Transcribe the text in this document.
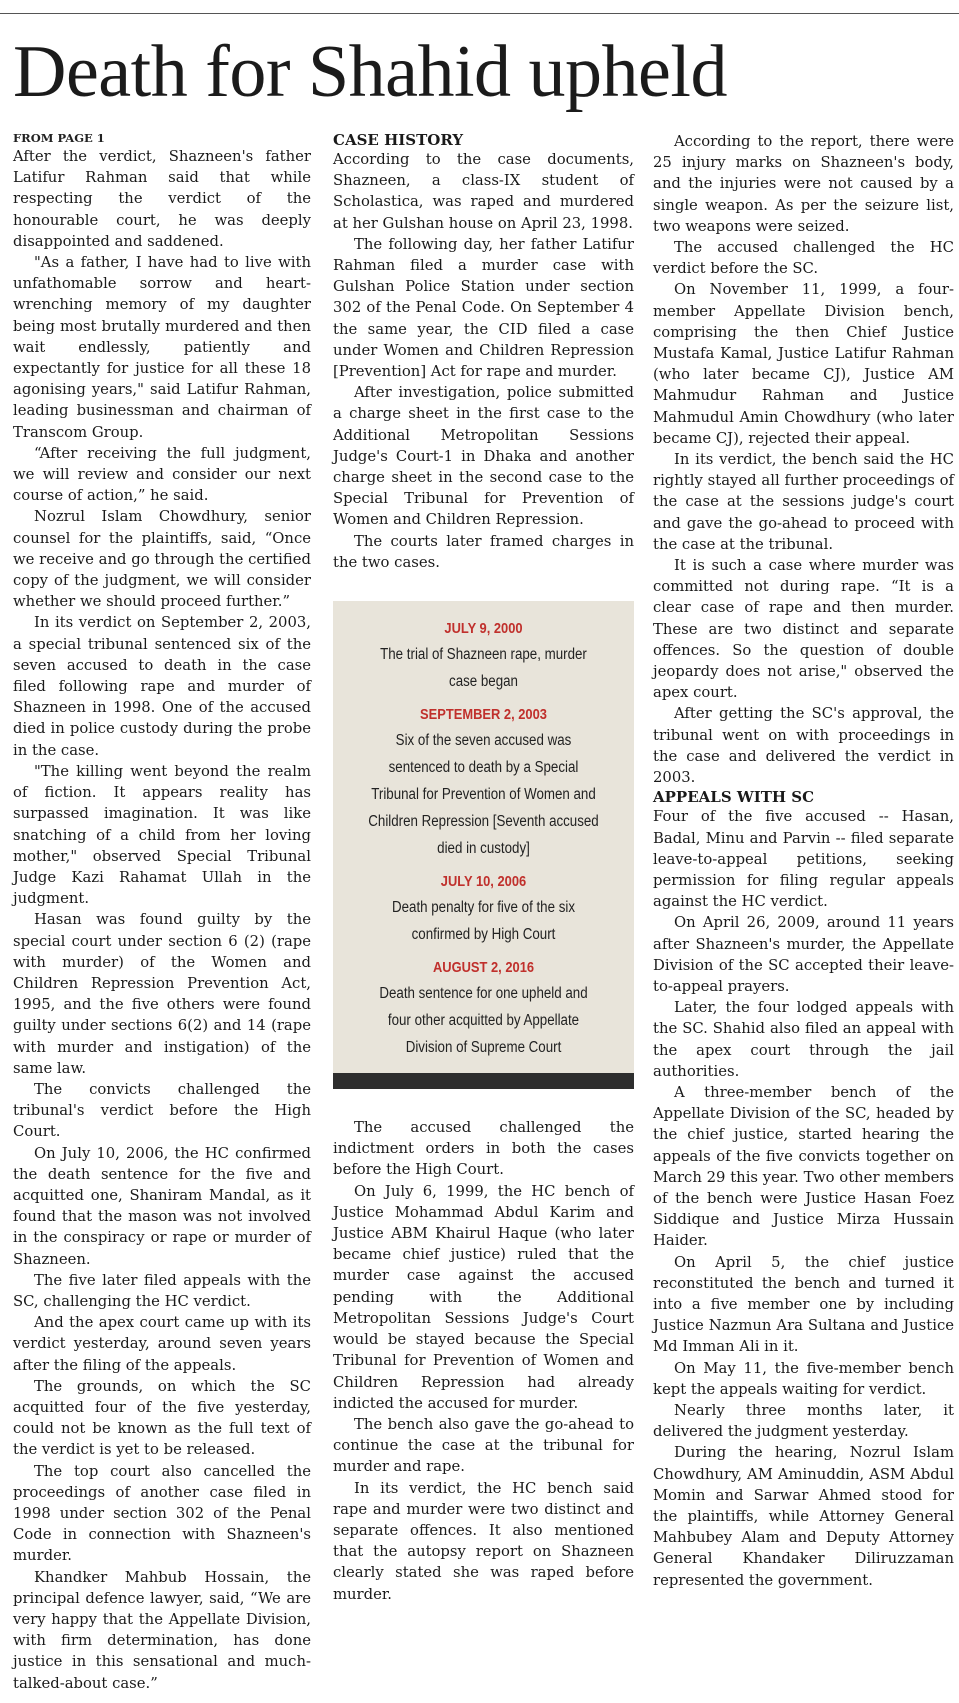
Death for Shahid upheld
FROM PAGE 1

After the verdict, Shazneen's father Latifur Rahman said that while respecting the verdict of the honourable court, he was deeply disappointed and saddened.

"As a father, I have had to live with unfathomable sorrow and heart-wrenching memory of my daughter being most brutally murdered and then wait endlessly, patiently and expectantly for justice for all these 18 agonising years," said Latifur Rahman, leading businessman and chairman of Transcom Group.

“After receiving the full judgment, we will review and consider our next course of action,” he said.

Nozrul Islam Chowdhury, senior counsel for the plaintiffs, said, “Once we receive and go through the certified copy of the judgment, we will consider whether we should proceed further.”

In its verdict on September 2, 2003, a special tribunal sentenced six of the seven accused to death in the case filed following rape and murder of Shazneen in 1998. One of the accused died in police custody during the probe in the case.

"The killing went beyond the realm of fiction. It appears reality has surpassed imagination. It was like snatching of a child from her loving mother," observed Special Tribunal Judge Kazi Rahamat Ullah in the judgment.

Hasan was found guilty by the special court under section 6 (2) (rape with murder) of the Women and Children Repression Prevention Act, 1995, and the five others were found guilty under sections 6(2) and 14 (rape with murder and instigation) of the same law.

The convicts challenged the tribunal's verdict before the High Court.

On July 10, 2006, the HC confirmed the death sentence for the five and acquitted one, Shaniram Mandal, as it found that the mason was not involved in the conspiracy or rape or murder of Shazneen.

The five later filed appeals with the SC, challenging the HC verdict.

And the apex court came up with its verdict yesterday, around seven years after the filing of the appeals.

The grounds, on which the SC acquitted four of the five yesterday, could not be known as the full text of the verdict is yet to be released.

The top court also cancelled the proceedings of another case filed in 1998 under section 302 of the Penal Code in connection with Shazneen's murder.

Khandker Mahbub Hossain, the principal defence lawyer, said, “We are very happy that the Appellate Division, with firm determination, has done justice in this sensational and much-talked-about case.”

CASE HISTORY

According to the case documents, Shazneen, a class-IX student of Scholastica, was raped and murdered at her Gulshan house on April 23, 1998.

The following day, her father Latifur Rahman filed a murder case with Gulshan Police Station under section 302 of the Penal Code. On September 4 the same year, the CID filed a case under Women and Children Repression [Prevention] Act for rape and murder.

After investigation, police submitted a charge sheet in the first case to the Additional Metropolitan Sessions Judge's Court-1 in Dhaka and another charge sheet in the second case to the Special Tribunal for Prevention of Women and Children Repression.

The courts later framed charges in the two cases.

JULY 9, 2000
The trial of Shazneen rape, murder case began
SEPTEMBER 2, 2003
Six of the seven accused was sentenced to death by a Special Tribunal for Prevention of Women and Children Repression [Seventh accused died in custody]
JULY 10, 2006
Death penalty for five of the six confirmed by High Court
AUGUST 2, 2016
Death sentence for one upheld and four other acquitted by Appellate Division of Supreme Court

The accused challenged the indictment orders in both the cases before the High Court.

On July 6, 1999, the HC bench of Justice Mohammad Abdul Karim and Justice ABM Khairul Haque (who later became chief justice) ruled that the murder case against the accused pending with the Additional Metropolitan Sessions Judge's Court would be stayed because the Special Tribunal for Prevention of Women and Children Repression had already indicted the accused for murder.

The bench also gave the go-ahead to continue the case at the tribunal for murder and rape.

In its verdict, the HC bench said rape and murder were two distinct and separate offences. It also mentioned that the autopsy report on Shazneen clearly stated she was raped before murder.

According to the report, there were 25 injury marks on Shazneen's body, and the injuries were not caused by a single weapon. As per the seizure list, two weapons were seized.

The accused challenged the HC verdict before the SC.

On November 11, 1999, a four-member Appellate Division bench, comprising the then Chief Justice Mustafa Kamal, Justice Latifur Rahman (who later became CJ), Justice AM Mahmudur Rahman and Justice Mahmudul Amin Chowdhury (who later became CJ), rejected their appeal.

In its verdict, the bench said the HC rightly stayed all further proceedings of the case at the sessions judge's court and gave the go-ahead to proceed with the case at the tribunal.

It is such a case where murder was committed not during rape. “It is a clear case of rape and then murder. These are two distinct and separate offences. So the question of double jeopardy does not arise," observed the apex court.

After getting the SC's approval, the tribunal went on with proceedings in the case and delivered the verdict in 2003.

APPEALS WITH SC

Four of the five accused -- Hasan, Badal, Minu and Parvin -- filed separate leave-to-appeal petitions, seeking permission for filing regular appeals against the HC verdict.

On April 26, 2009, around 11 years after Shazneen's murder, the Appellate Division of the SC accepted their leave-to-appeal prayers.

Later, the four lodged appeals with the SC. Shahid also filed an appeal with the apex court through the jail authorities.

A three-member bench of the Appellate Division of the SC, headed by the chief justice, started hearing the appeals of the five convicts together on March 29 this year. Two other members of the bench were Justice Hasan Foez Siddique and Justice Mirza Hussain Haider.

On April 5, the chief justice reconstituted the bench and turned it into a five member one by including Justice Nazmun Ara Sultana and Justice Md Imman Ali in it.

On May 11, the five-member bench kept the appeals waiting for verdict.

Nearly three months later, it delivered the judgment yesterday.

During the hearing, Nozrul Islam Chowdhury, AM Aminuddin, ASM Abdul Momin and Sarwar Ahmed stood for the plaintiffs, while Attorney General Mahbubey Alam and Deputy Attorney General Khandaker Diliruzzaman represented the government.
